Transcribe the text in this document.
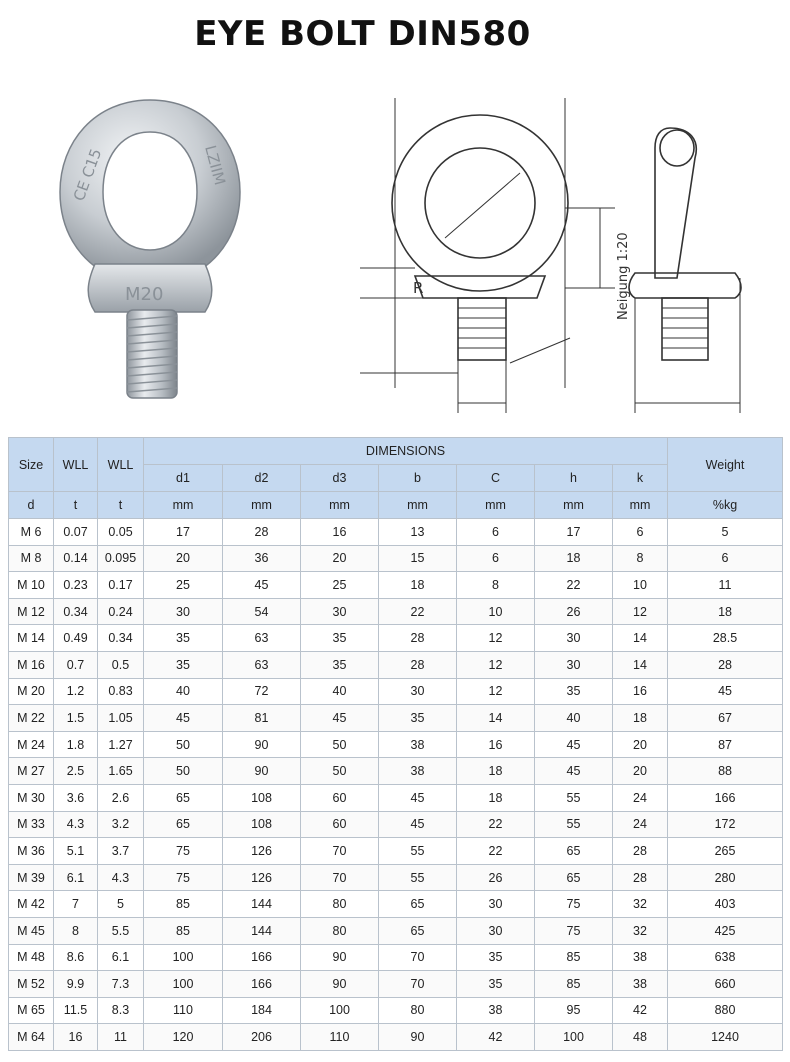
EYE BOLT DIN580
CE C15	LZIIM
M20	R	Neigung 1:20
Size	WLL	WLL	DIMENSIONS							Weight
			d1	d2	d3	b	C	h	k	
d	t	t	mm	mm	mm	mm	mm	mm	mm	%kg
M 6	0.07	0.05	17	28	16	13	6	17	6	5
M 8	0.14	0.095	20	36	20	15	6	18	8	6
M 10	0.23	0.17	25	45	25	18	8	22	10	11
M 12	0.34	0.24	30	54	30	22	10	26	12	18
M 14	0.49	0.34	35	63	35	28	12	30	14	28.5
M 16	0.7	0.5	35	63	35	28	12	30	14	28
M 20	1.2	0.83	40	72	40	30	12	35	16	45
M 22	1.5	1.05	45	81	45	35	14	40	18	67
M 24	1.8	1.27	50	90	50	38	16	45	20	87
M 27	2.5	1.65	50	90	50	38	18	45	20	88
M 30	3.6	2.6	65	108	60	45	18	55	24	166
M 33	4.3	3.2	65	108	60	45	22	55	24	172
M 36	5.1	3.7	75	126	70	55	22	65	28	265
M 39	6.1	4.3	75	126	70	55	26	65	28	280
M 42	7	5	85	144	80	65	30	75	32	403
M 45	8	5.5	85	144	80	65	30	75	32	425
M 48	8.6	6.1	100	166	90	70	35	85	38	638
M 52	9.9	7.3	100	166	90	70	35	85	38	660
M 65	11.5	8.3	110	184	100	80	38	95	42	880
M 64	16	11	120	206	110	90	42	100	48	1240
